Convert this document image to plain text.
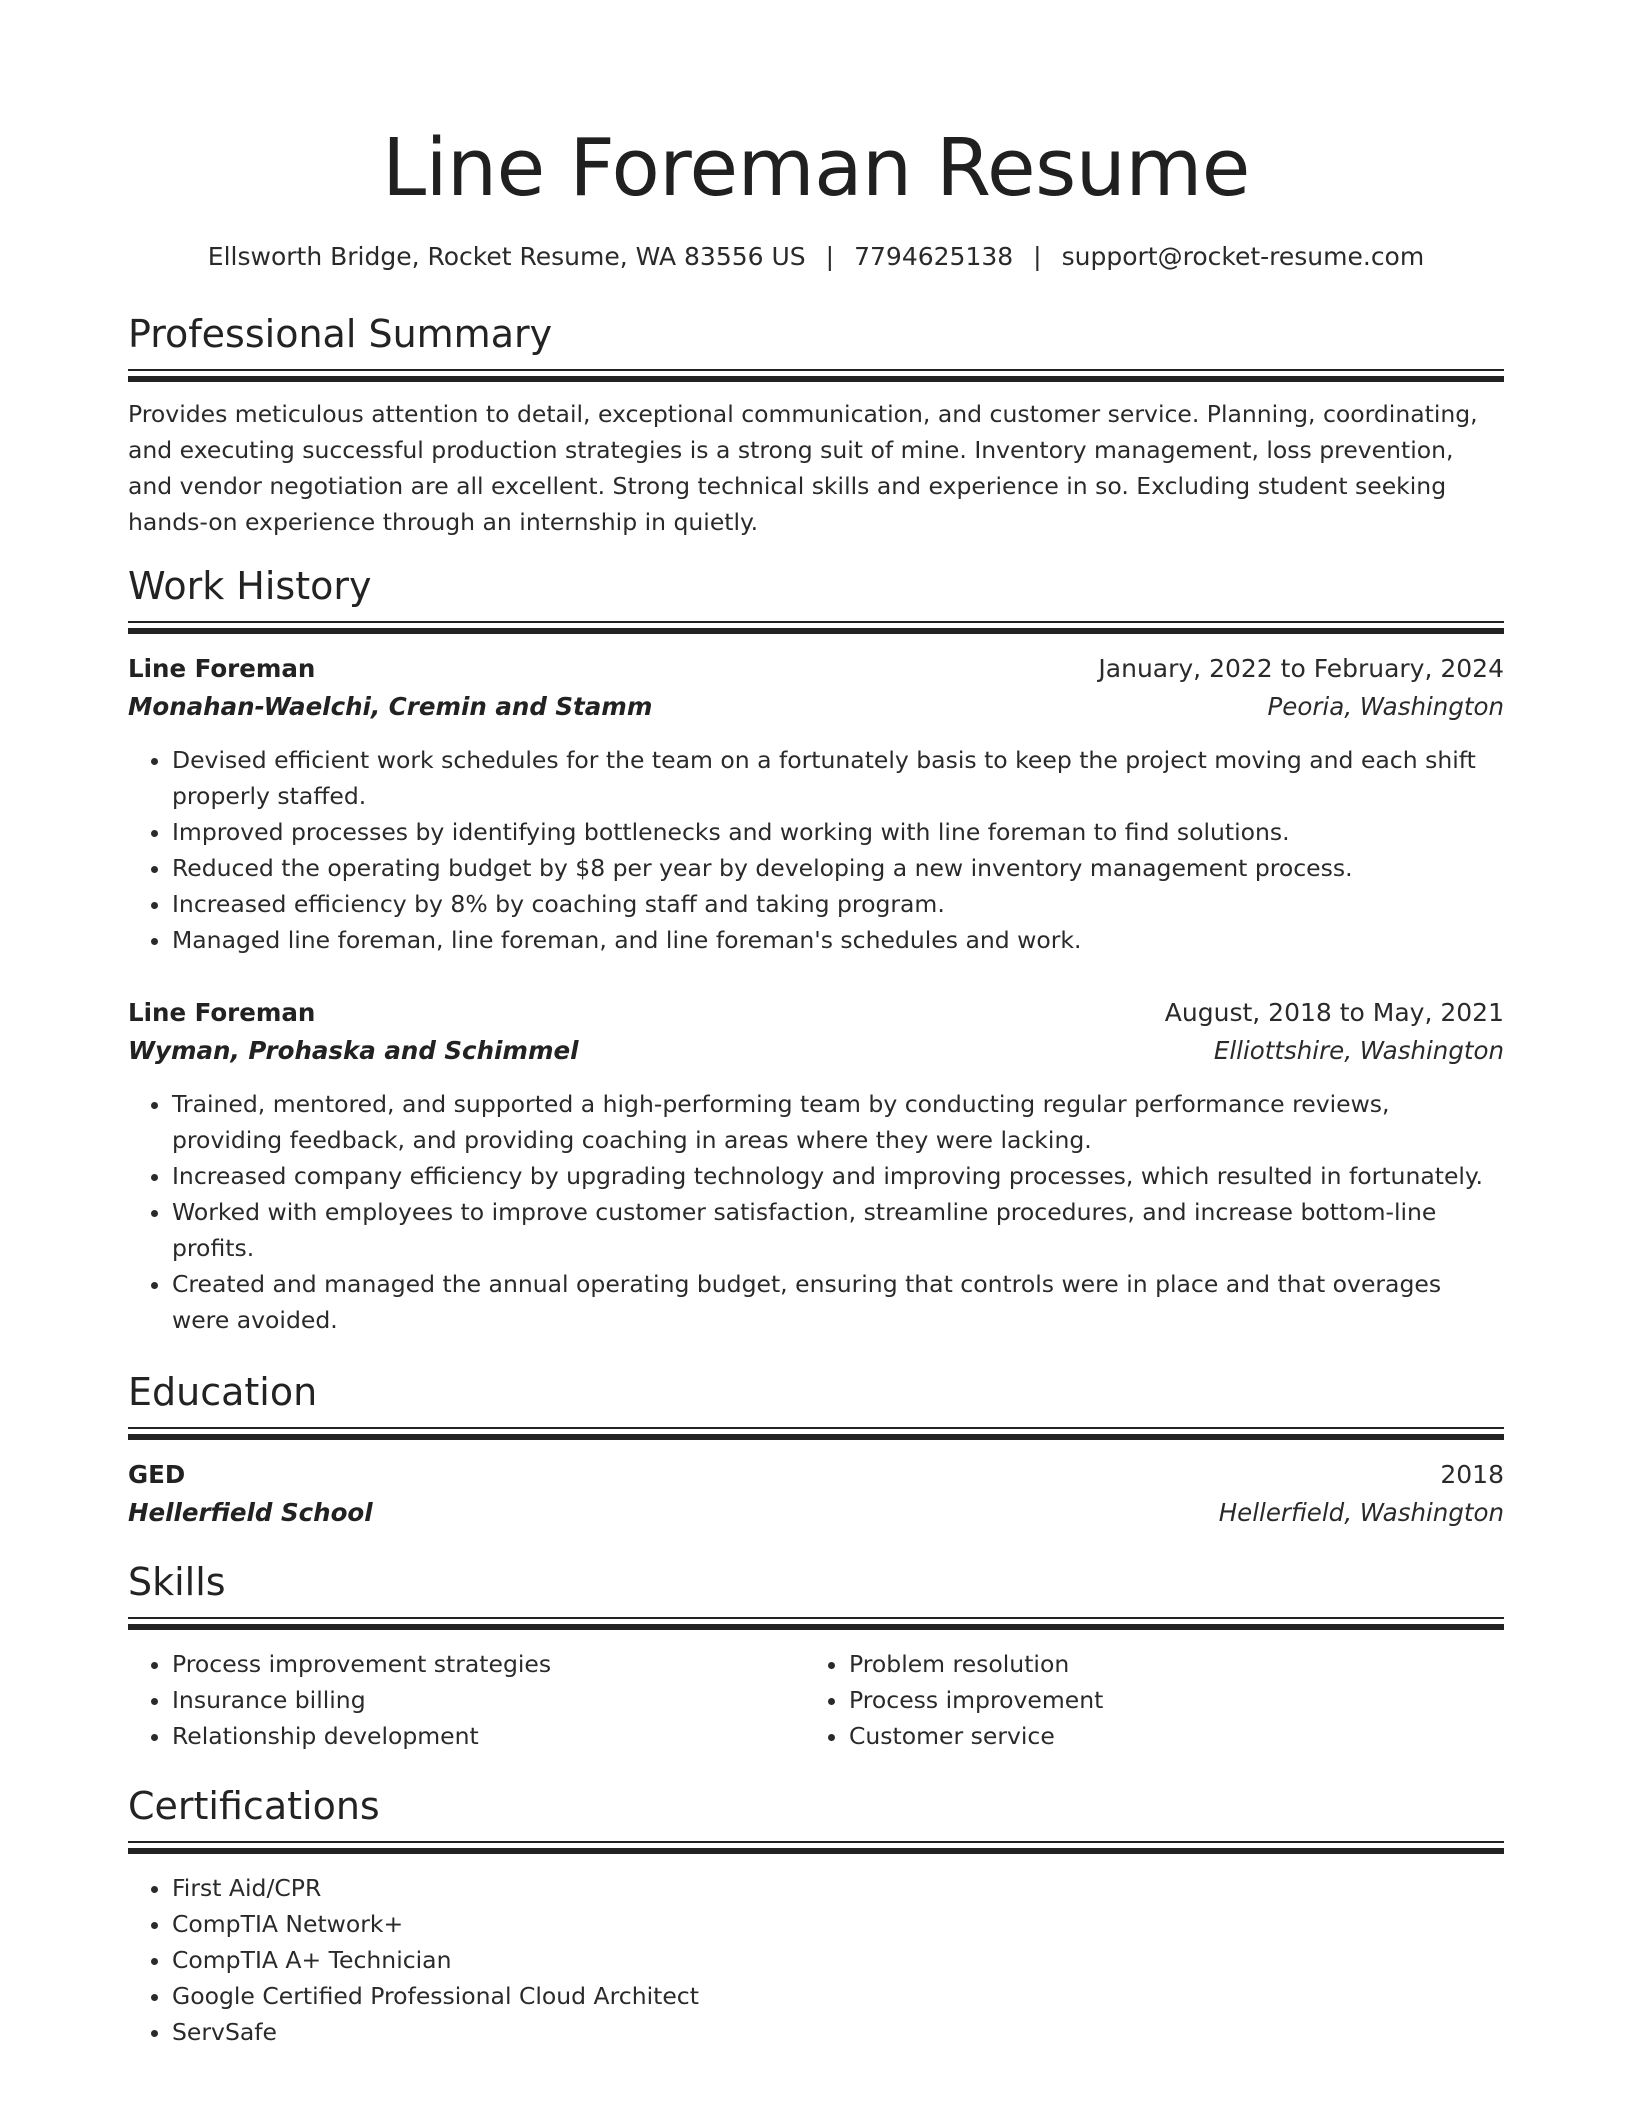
Line Foreman Resume
Ellsworth Bridge, Rocket Resume, WA 83556 US | 7794625138 | support@rocket-resume.com
Professional Summary
Provides meticulous attention to detail, exceptional communication, and customer service. Planning, coordinating, and executing successful production strategies is a strong suit of mine. Inventory management, loss prevention, and vendor negotiation are all excellent. Strong technical skills and experience in so. Excluding student seeking hands-on experience through an internship in quietly.
Work History
Line Foreman	January, 2022 to February, 2024
Monahan-Waelchi, Cremin and Stamm	Peoria, Washington
• Devised efficient work schedules for the team on a fortunately basis to keep the project moving and each shift properly staffed.
• Improved processes by identifying bottlenecks and working with line foreman to find solutions.
• Reduced the operating budget by $8 per year by developing a new inventory management process.
• Increased efficiency by 8% by coaching staff and taking program.
• Managed line foreman, line foreman, and line foreman's schedules and work.
Line Foreman	August, 2018 to May, 2021
Wyman, Prohaska and Schimmel	Elliottshire, Washington
• Trained, mentored, and supported a high-performing team by conducting regular performance reviews, providing feedback, and providing coaching in areas where they were lacking.
• Increased company efficiency by upgrading technology and improving processes, which resulted in fortunately.
• Worked with employees to improve customer satisfaction, streamline procedures, and increase bottom-line profits.
• Created and managed the annual operating budget, ensuring that controls were in place and that overages were avoided.
Education
GED	2018
Hellerfield School	Hellerfield, Washington
Skills
• Process improvement strategies
• Insurance billing
• Relationship development
• Problem resolution
• Process improvement
• Customer service
Certifications
• First Aid/CPR
• CompTIA Network+
• CompTIA A+ Technician
• Google Certified Professional Cloud Architect
• ServSafe
